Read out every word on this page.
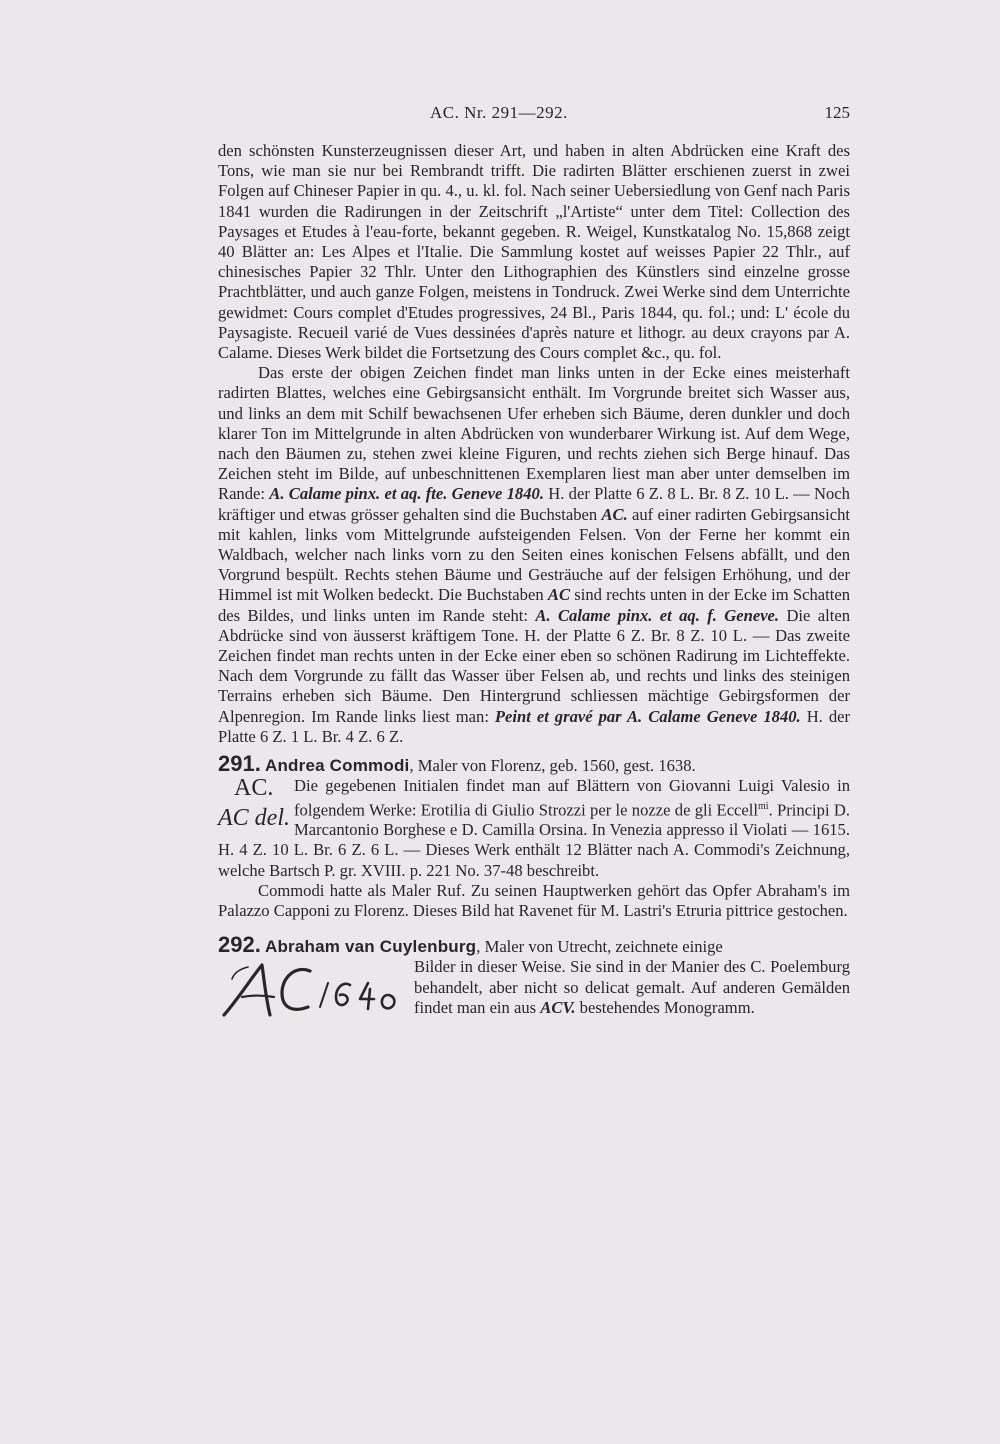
AC. Nr. 291—292.	125

den schönsten Kunsterzeugnissen dieser Art, und haben in alten Abdrücken eine Kraft des Tons, wie man sie nur bei Rembrandt trifft. Die radirten Blätter erschienen zuerst in zwei Folgen auf Chineser Papier in qu. 4., u. kl. fol. Nach seiner Uebersiedlung von Genf nach Paris 1841 wurden die Radirungen in der Zeitschrift „l'Artiste“ unter dem Titel: Collection des Paysages et Etudes à l'eau-forte, bekannt gegeben. R. Weigel, Kunstkatalog No. 15,868 zeigt 40 Blätter an: Les Alpes et l'Italie. Die Sammlung kostet auf weisses Papier 22 Thlr., auf chinesisches Papier 32 Thlr. Unter den Lithographien des Künstlers sind einzelne grosse Prachtblätter, und auch ganze Folgen, meistens in Tondruck. Zwei Werke sind dem Unterrichte gewidmet: Cours complet d'Etudes progressives, 24 Bl., Paris 1844, qu. fol.; und: L' école du Paysagiste. Recueil varié de Vues dessinées d'après nature et lithogr. au deux crayons par A. Calame. Dieses Werk bildet die Fortsetzung des Cours complet &c., qu. fol.

Das erste der obigen Zeichen findet man links unten in der Ecke eines meisterhaft radirten Blattes, welches eine Gebirgsansicht enthält. Im Vorgrunde breitet sich Wasser aus, und links an dem mit Schilf bewachsenen Ufer erheben sich Bäume, deren dunkler und doch klarer Ton im Mittelgrunde in alten Abdrücken von wunderbarer Wirkung ist. Auf dem Wege, nach den Bäumen zu, stehen zwei kleine Figuren, und rechts ziehen sich Berge hinauf. Das Zeichen steht im Bilde, auf unbeschnittenen Exemplaren liest man aber unter demselben im Rande: A. Calame pinx. et aq. fte. Geneve 1840. H. der Platte 6 Z. 8 L. Br. 8 Z. 10 L. — Noch kräftiger und etwas grösser gehalten sind die Buchstaben AC. auf einer radirten Gebirgsansicht mit kahlen, links vom Mittelgrunde aufsteigenden Felsen. Von der Ferne her kommt ein Waldbach, welcher nach links vorn zu den Seiten eines konischen Felsens abfällt, und den Vorgrund bespült. Rechts stehen Bäume und Gesträuche auf der felsigen Erhöhung, und der Himmel ist mit Wolken bedeckt. Die Buchstaben AC sind rechts unten in der Ecke im Schatten des Bildes, und links unten im Rande steht: A. Calame pinx. et aq. f. Geneve. Die alten Abdrücke sind von äusserst kräftigem Tone. H. der Platte 6 Z. Br. 8 Z. 10 L. — Das zweite Zeichen findet man rechts unten in der Ecke einer eben so schönen Radirung im Lichteffekte. Nach dem Vorgrunde zu fällt das Wasser über Felsen ab, und rechts und links des steinigen Terrains erheben sich Bäume. Den Hintergrund schliessen mächtige Gebirgsformen der Alpenregion. Im Rande links liest man: Peint et gravé par A. Calame Geneve 1840. H. der Platte 6 Z. 1 L. Br. 4 Z. 6 Z.

291. Andrea Commodi, Maler von Florenz, geb. 1560, gest. 1638.

AC.
AC del.

Die gegebenen Initialen findet man auf Blättern von Giovanni Luigi Valesio in folgendem Werke: Erotilia di Giulio Strozzi per le nozze de gli Eccell$^{mi}$. Principi D. Marcantonio Borghese e D. Camilla Orsina. In Venezia appresso il Violati — 1615. H. 4 Z. 10 L. Br. 6 Z. 6 L. — Dieses Werk enthält 12 Blätter nach A. Commodi's Zeichnung, welche Bartsch P. gr. XVIII. p. 221 No. 37-48 beschreibt.

Commodi hatte als Maler Ruf. Zu seinen Hauptwerken gehört das Opfer Abraham's im Palazzo Capponi zu Florenz. Dieses Bild hat Ravenet für M. Lastri's Etruria pittrice gestochen.

292. Abraham van Cuylenburg, Maler von Utrecht, zeichnete einige

Bilder in dieser Weise. Sie sind in der Manier des C. Poelemburg behandelt, aber nicht so delicat gemalt. Auf anderen Gemälden findet man ein aus ACV. bestehendes Monogramm.
